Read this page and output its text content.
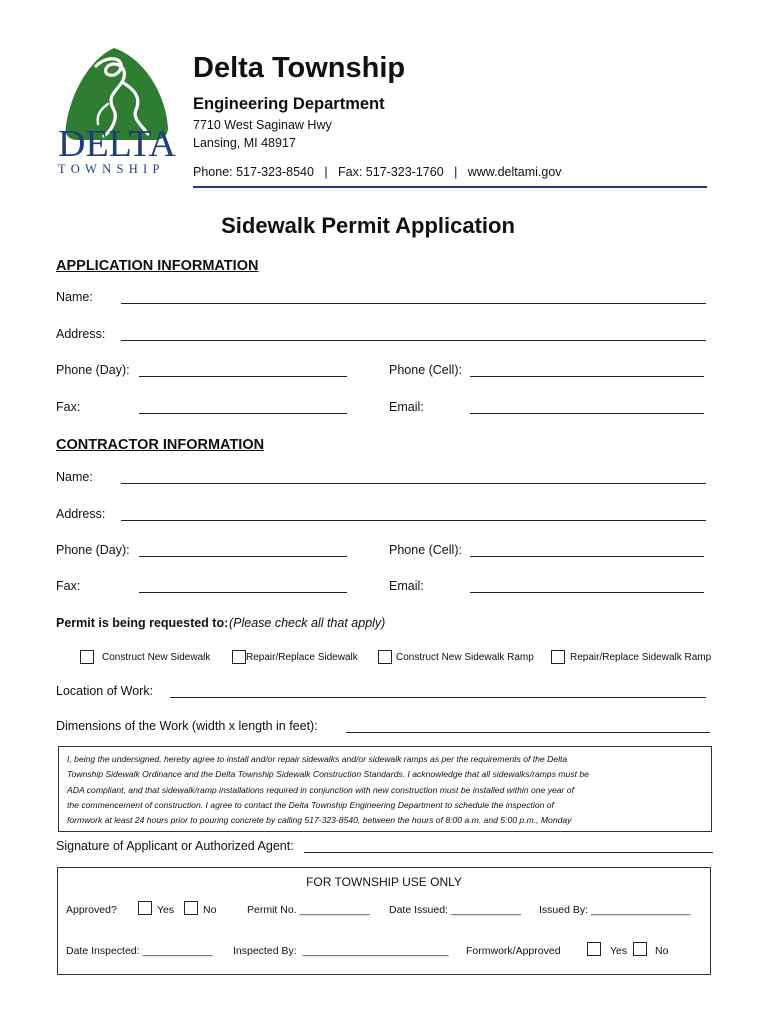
DELTA
TOWNSHIP
Delta Township
Engineering Department
7710 West Saginaw Hwy
Lansing, MI 48917
Phone: 517-323-8540   |   Fax: 517-323-1760   |   www.deltami.gov
Sidewalk Permit Application
APPLICATION INFORMATION
Name:
Address:
Phone (Day):	Phone (Cell):
Fax:	Email:
CONTRACTOR INFORMATION
Name:
Address:
Phone (Day):	Phone (Cell):
Fax:	Email:
Permit is being requested to: (Please check all that apply)
Construct New Sidewalk	Repair/Replace Sidewalk	Construct New Sidewalk Ramp	Repair/Replace Sidewalk Ramp
Location of Work:
Dimensions of the Work (width x length in feet):

I, being the undersigned, hereby agree to install and/or repair sidewalks and/or sidewalk ramps as per the requirements of the Delta

Township Sidewalk Ordinance and the Delta Township Sidewalk Construction Standards. I acknowledge that all sidewalks/ramps must be

ADA compliant, and that sidewalk/ramp installations required in conjunction with new construction must be installed within one year of

the commencement of construction. I agree to contact the Delta Township Engineering Department to schedule the inspection of

formwork at least 24 hours prior to pouring concrete by calling 517-323-8540, between the hours of 8:00 a.m. and 5:00 p.m., Monday

Signature of Applicant or Authorized Agent:
FOR TOWNSHIP USE ONLY
Approved?	Yes	No	Permit No. ____________ Date Issued: ____________ Issued By: _________________
Date Inspected: ____________ Inspected By:  _________________________ Formwork/Approved	Yes	No
